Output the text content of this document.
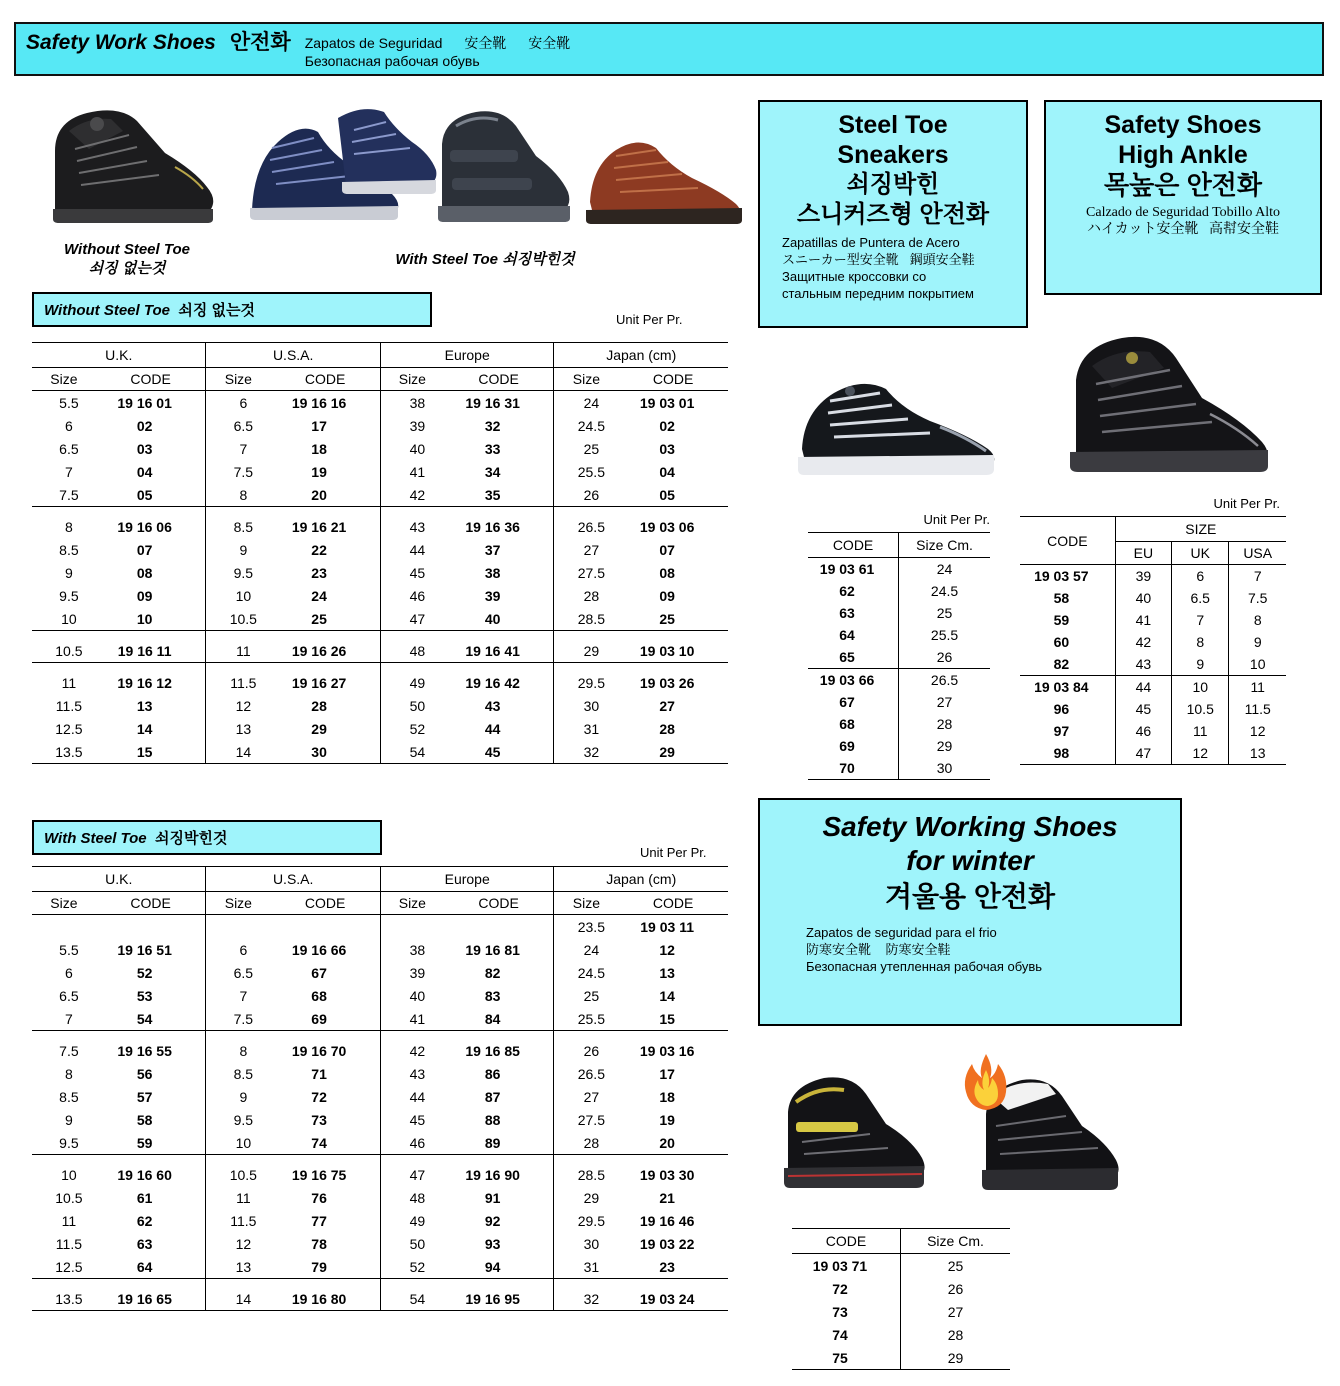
Safety Work Shoes 안전화 Zapatos de Seguridad 安全靴 安全靴
Безопасная рабочая обувь
Without Steel Toe
쇠징 없는것
With Steel Toe 쇠징박힌것
Without Steel Toe 쇠징 없는것
Unit Per Pr.
U.K.		U.S.A.		Europe		Japan (cm)	
Size	CODE	Size	CODE	Size	CODE	Size	CODE
5.5	19 16 01	6	19 16 16	38	19 16 31	24	19 03 01
6	02	6.5	17	39	32	24.5	02
6.5	03	7	18	40	33	25	03
7	04	7.5	19	41	34	25.5	04
7.5	05	8	20	42	35	26	05

8	19 16 06	8.5	19 16 21	43	19 16 36	26.5	19 03 06
8.5	07	9	22	44	37	27	07
9	08	9.5	23	45	38	27.5	08
9.5	09	10	24	46	39	28	09
10	10	10.5	25	47	40	28.5	25

10.5	19 16 11	11	19 16 26	48	19 16 41	29	19 03 10

11	19 16 12	11.5	19 16 27	49	19 16 42	29.5	19 03 26
11.5	13	12	28	50	43	30	27
12.5	14	13	29	52	44	31	28
13.5	15	14	30	54	45	32	29
With Steel Toe 쇠징박힌것
Unit Per Pr.
U.K.		U.S.A.		Europe		Japan (cm)	
Size	CODE	Size	CODE	Size	CODE	Size	CODE
						23.5	19 03 11
5.5	19 16 51	6	19 16 66	38	19 16 81	24	12
6	52	6.5	67	39	82	24.5	13
6.5	53	7	68	40	83	25	14
7	54	7.5	69	41	84	25.5	15

7.5	19 16 55	8	19 16 70	42	19 16 85	26	19 03 16
8	56	8.5	71	43	86	26.5	17
8.5	57	9	72	44	87	27	18
9	58	9.5	73	45	88	27.5	19
9.5	59	10	74	46	89	28	20

10	19 16 60	10.5	19 16 75	47	19 16 90	28.5	19 03 30
10.5	61	11	76	48	91	29	21
11	62	11.5	77	49	92	29.5	19 16 46
11.5	63	12	78	50	93	30	19 03 22
12.5	64	13	79	52	94	31	23

13.5	19 16 65	14	19 16 80	54	19 16 95	32	19 03 24
Steel Toe
Sneakers
쇠징박힌
스니커즈형 안전화
Zapatillas de Puntera de Acero
スニーカー型安全靴 鋼頭安全鞋
Защитные кроссовки со
стальным передним покрытием
Unit Per Pr.
CODE	Size Cm.
19 03 61	24
62	24.5
63	25
64	25.5
65	26
19 03 66	26.5
67	27
68	28
69	29
70	30
Safety Shoes
High Ankle
목높은 안전화
Calzado de Seguridad Tobillo Alto
ハイカット安全靴 高幇安全鞋
Unit Per Pr.
CODE	SIZE		
	EU	UK	USA
19 03 57	39	6	7
58	40	6.5	7.5
59	41	7	8
60	42	8	9
82	43	9	10
19 03 84	44	10	11
96	45	10.5	11.5
97	46	11	12
98	47	12	13
Safety Working Shoes
for winter
겨울용 안전화
Zapatos de seguridad para el frio
防寒安全靴 防寒安全鞋
Безопасная утепленная рабочая обувь
CODE	Size Cm.
19 03 71	25
72	26
73	27
74	28
75	29
